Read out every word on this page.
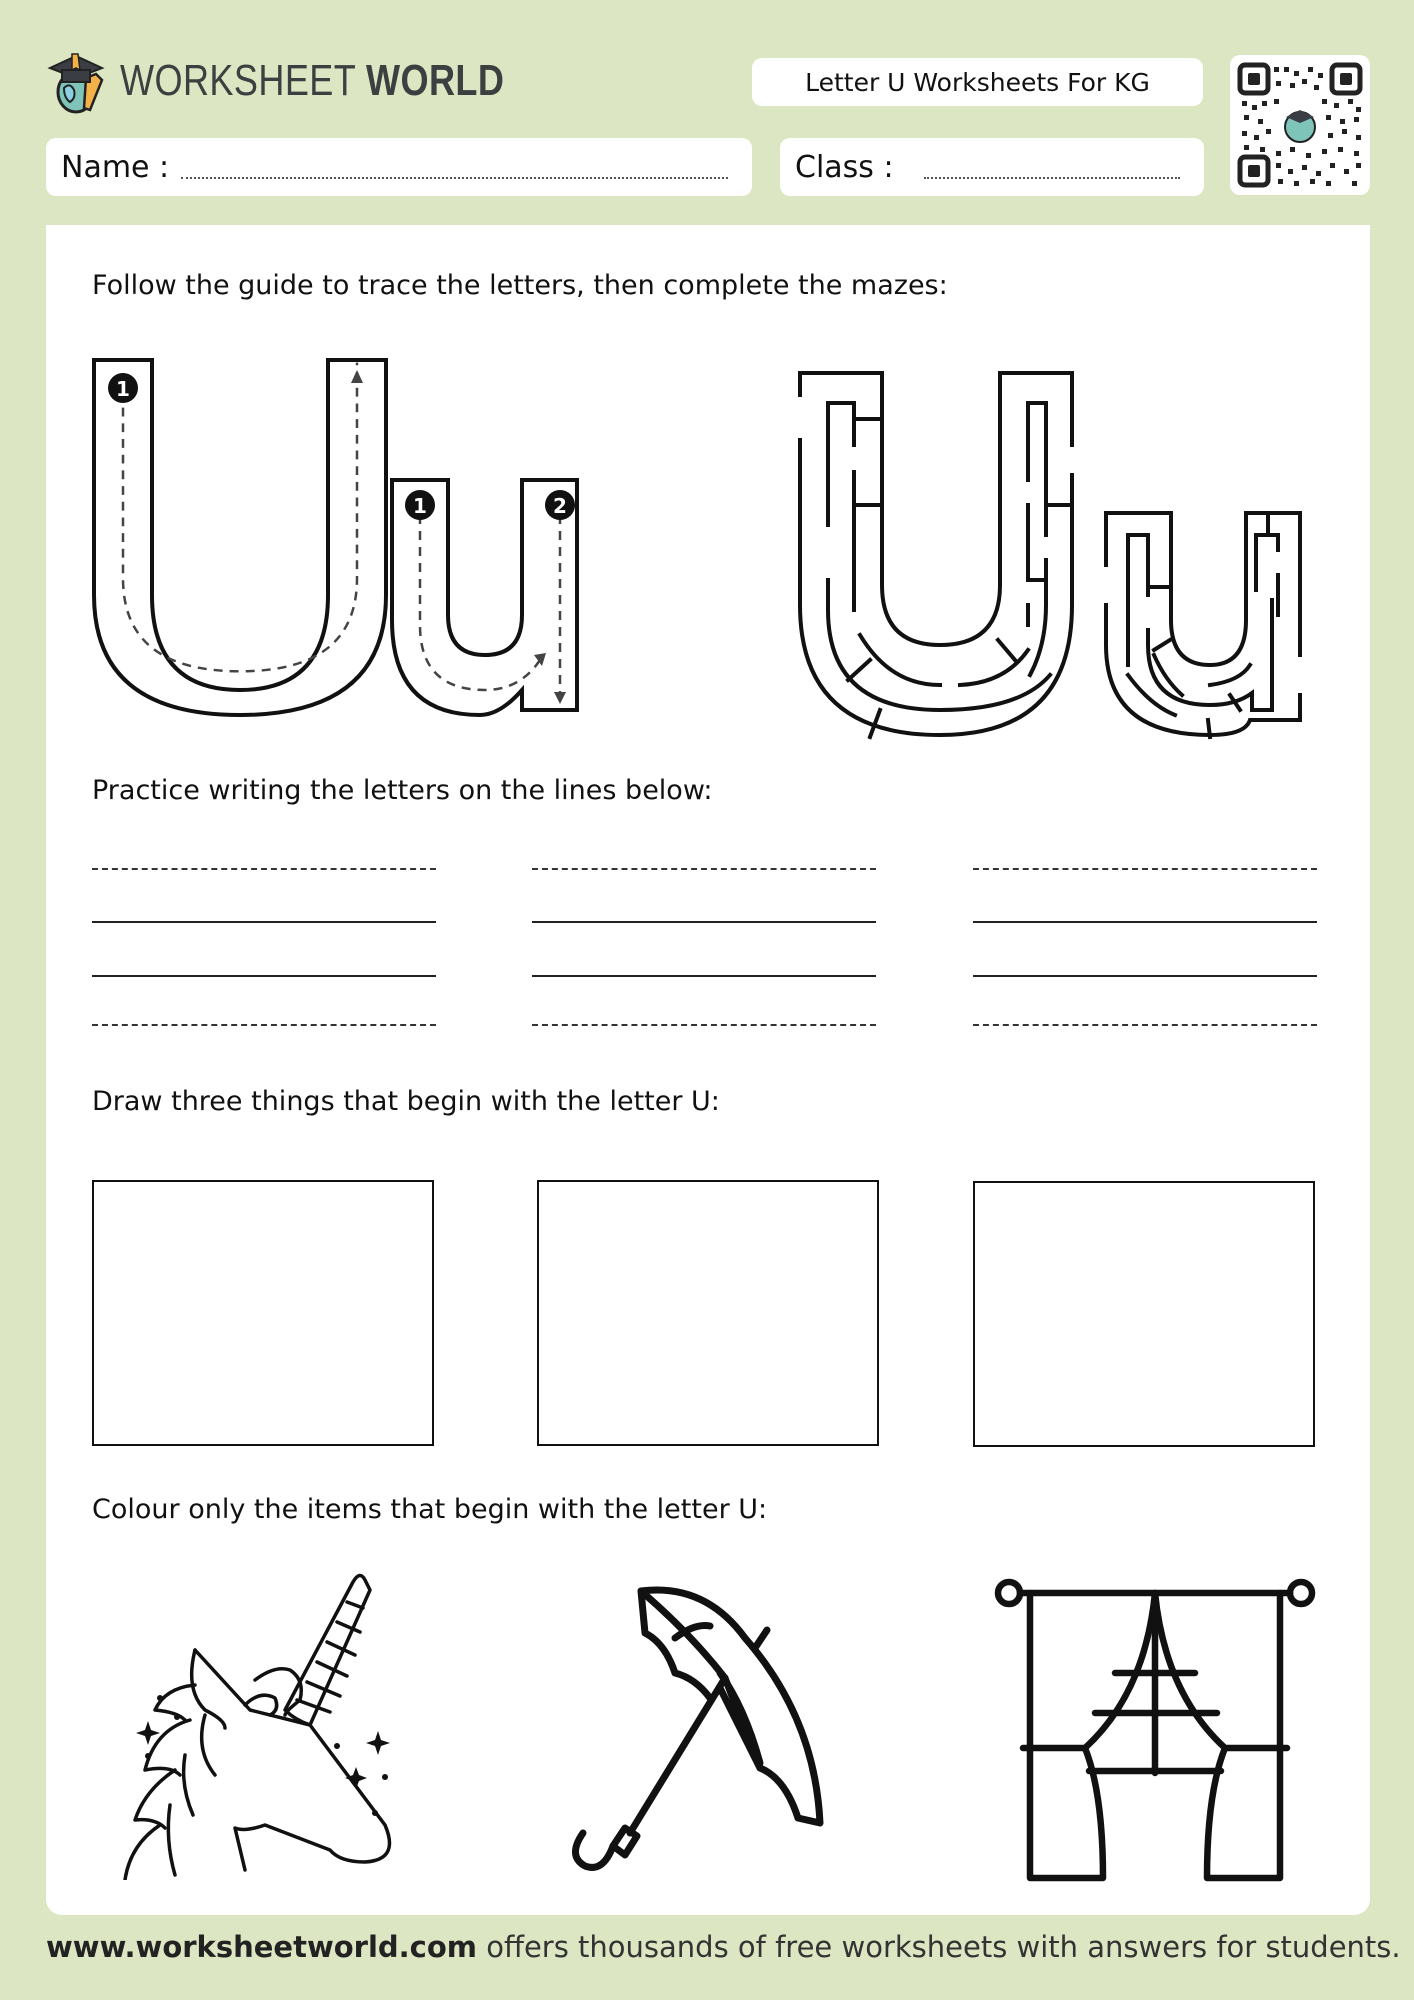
WORKSHEET WORLD	Letter U Worksheets For KG
Name :	Class :
Follow the guide to trace the letters, then complete the mazes:
1
1	2
Practice writing the letters on the lines below:
Draw three things that begin with the letter U:
Colour only the items that begin with the letter U:
www.worksheetworld.com offers thousands of free worksheets with answers for students.
